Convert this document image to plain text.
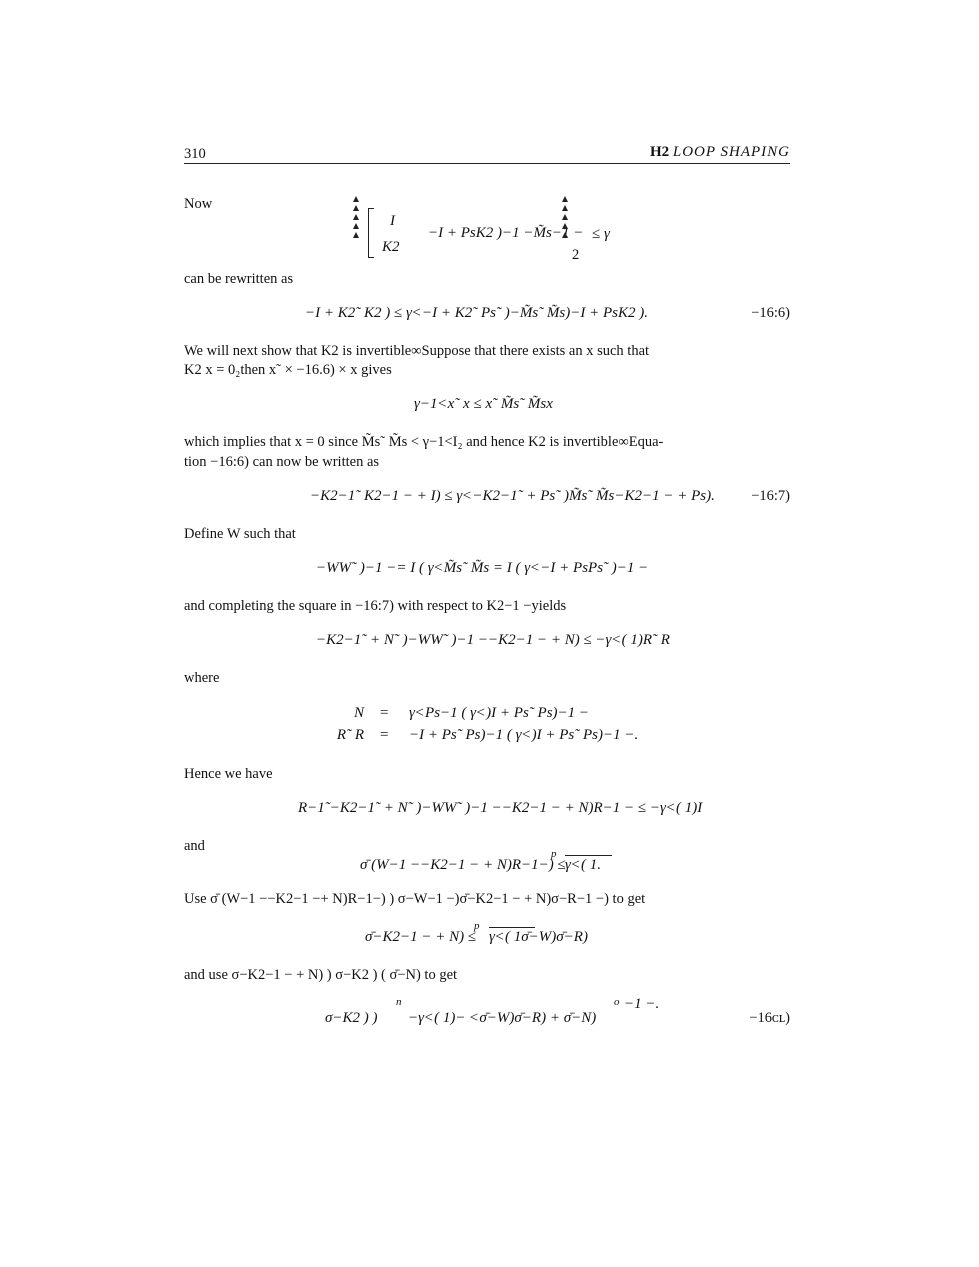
310	H2 LOOP SHAPING
Now
I
K2
−I + PsK2 )−1 −M̃s−1 −
2
≤ γ
can be rewritten as
−I + K2˜ K2 ) ≤ γ˂−I + K2˜ Ps˜ )−M̃s˜ M̃s)−I + PsK2 ).	−16:6)
We will next show that K2 is invertible∞Suppose that there exists an x such that
K2 x = 0₂then x˜ × −16.6) × x gives
γ−1˂x˜ x ≤ x˜ M̃s˜ M̃sx
which implies that x = 0 since M̃s˜ M̃s < γ−1˂I₂ and hence K2 is invertible∞Equa-
tion −16:6) can now be written as
−K2−1˜ K2−1 − + I) ≤ γ˂−K2−1˜ + Ps˜ )M̃s˜ M̃s−K2−1 − + Ps).	−16:7)
Define W such that
−WW˜ )−1 −= I ( γ˂M̃s˜ M̃s = I ( γ˂−I + PsPs˜ )−1 −
and completing the square in −16:7) with respect to K2−1 −yields
−K2−1˜ + N˜ )−WW˜ )−1 −−K2−1 − + N) ≤ −γ˂( 1)R˜ R
where
N = γ˂Ps−1 ( γ˂)I + Ps˜ Ps)−1 −
R˜ R = −I + Ps˜ Ps)−1 ( γ˂)I + Ps˜ Ps)−1 −.
Hence we have
R−1˜−K2−1˜ + N˜ )−WW˜ )−1 −−K2−1 − + N)R−1 − ≤ −γ˂( 1)I
and
σ̄ (W−1 −−K2−1 − + N)R−1−) ≤
p
γ˂( 1.
Use σ̄ (W−1 −−K2−1 −+ N)R−1−) ) σ−W−1 −)σ̄−K2−1 − + N)σ−R−1 −) to get
σ̄−K2−1 − + N) ≤
p
γ˂( 1σ̄−W)σ̄−R)
and use σ−K2−1 − + N) ) σ−K2 ) ( σ̄−N) to get
σ−K2 ) )
n
−γ˂( 1)− ˂σ̄−W)σ̄−R) + σ̄−N)
o −1 −.
−16ᴄʟ)
